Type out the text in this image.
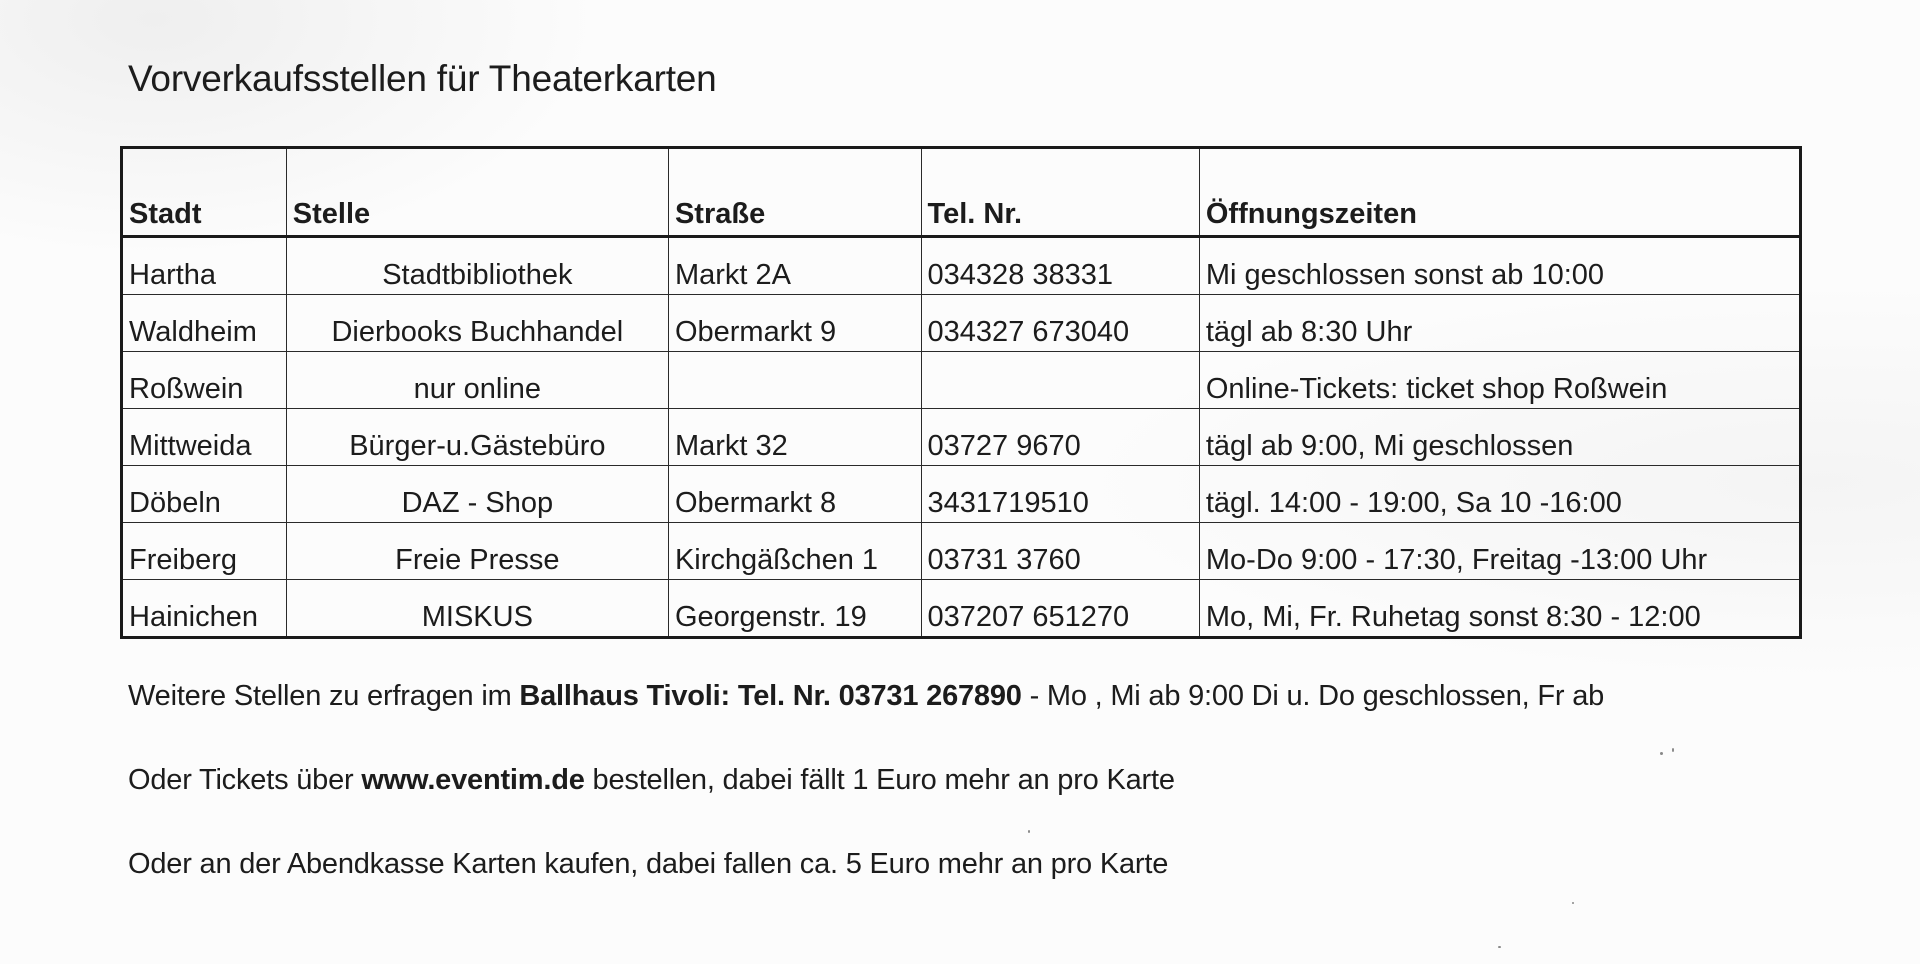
Vorverkaufsstellen für Theaterkarten
Stadt	Stelle	Straße	Tel. Nr.	Öffnungszeiten
Hartha	Stadtbibliothek	Markt 2A	034328 38331	Mi geschlossen sonst ab 10:00
Waldheim	Dierbooks Buchhandel	Obermarkt 9	034327 673040	tägl ab 8:30 Uhr
Roßwein	nur online			Online-Tickets: ticket shop Roßwein
Mittweida	Bürger-u.Gästebüro	Markt 32	03727 9670	tägl ab 9:00, Mi geschlossen
Döbeln	DAZ - Shop	Obermarkt 8	3431719510	tägl. 14:00 - 19:00, Sa 10 -16:00
Freiberg	Freie Presse	Kirchgäßchen 1	03731 3760	Mo-Do 9:00 - 17:30, Freitag -13:00 Uhr
Hainichen	MISKUS	Georgenstr. 19	037207 651270	Mo, Mi, Fr. Ruhetag sonst 8:30 - 12:00
Weitere Stellen zu erfragen im Ballhaus Tivoli: Tel. Nr. 03731 267890 - Mo , Mi ab 9:00 Di u. Do geschlossen, Fr ab
Oder Tickets über www.eventim.de bestellen, dabei fällt 1 Euro mehr an pro Karte
Oder an der Abendkasse Karten kaufen, dabei fallen ca. 5 Euro mehr an pro Karte
